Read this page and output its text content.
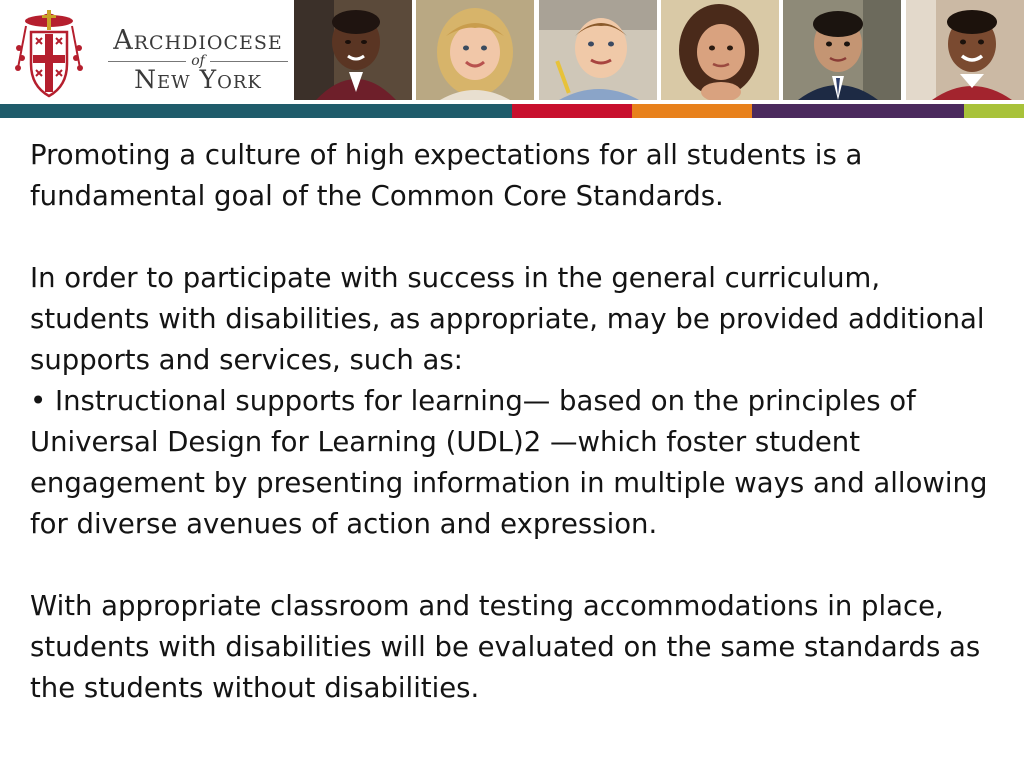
Archdiocese
of
New York

Promoting a culture of high expectations for all students is a fundamental goal of the Common Core Standards.

In order to participate with success in the general curriculum, students with disabilities, as appropriate, may be provided additional supports and services, such as:

• Instructional supports for learning— based on the principles of Universal Design for Learning (UDL)2 —which foster student engagement by presenting information in multiple ways and allowing for diverse avenues of action and expression.

With appropriate classroom and testing accommodations in place, students with disabilities will be evaluated on the same standards as the students without disabilities.
